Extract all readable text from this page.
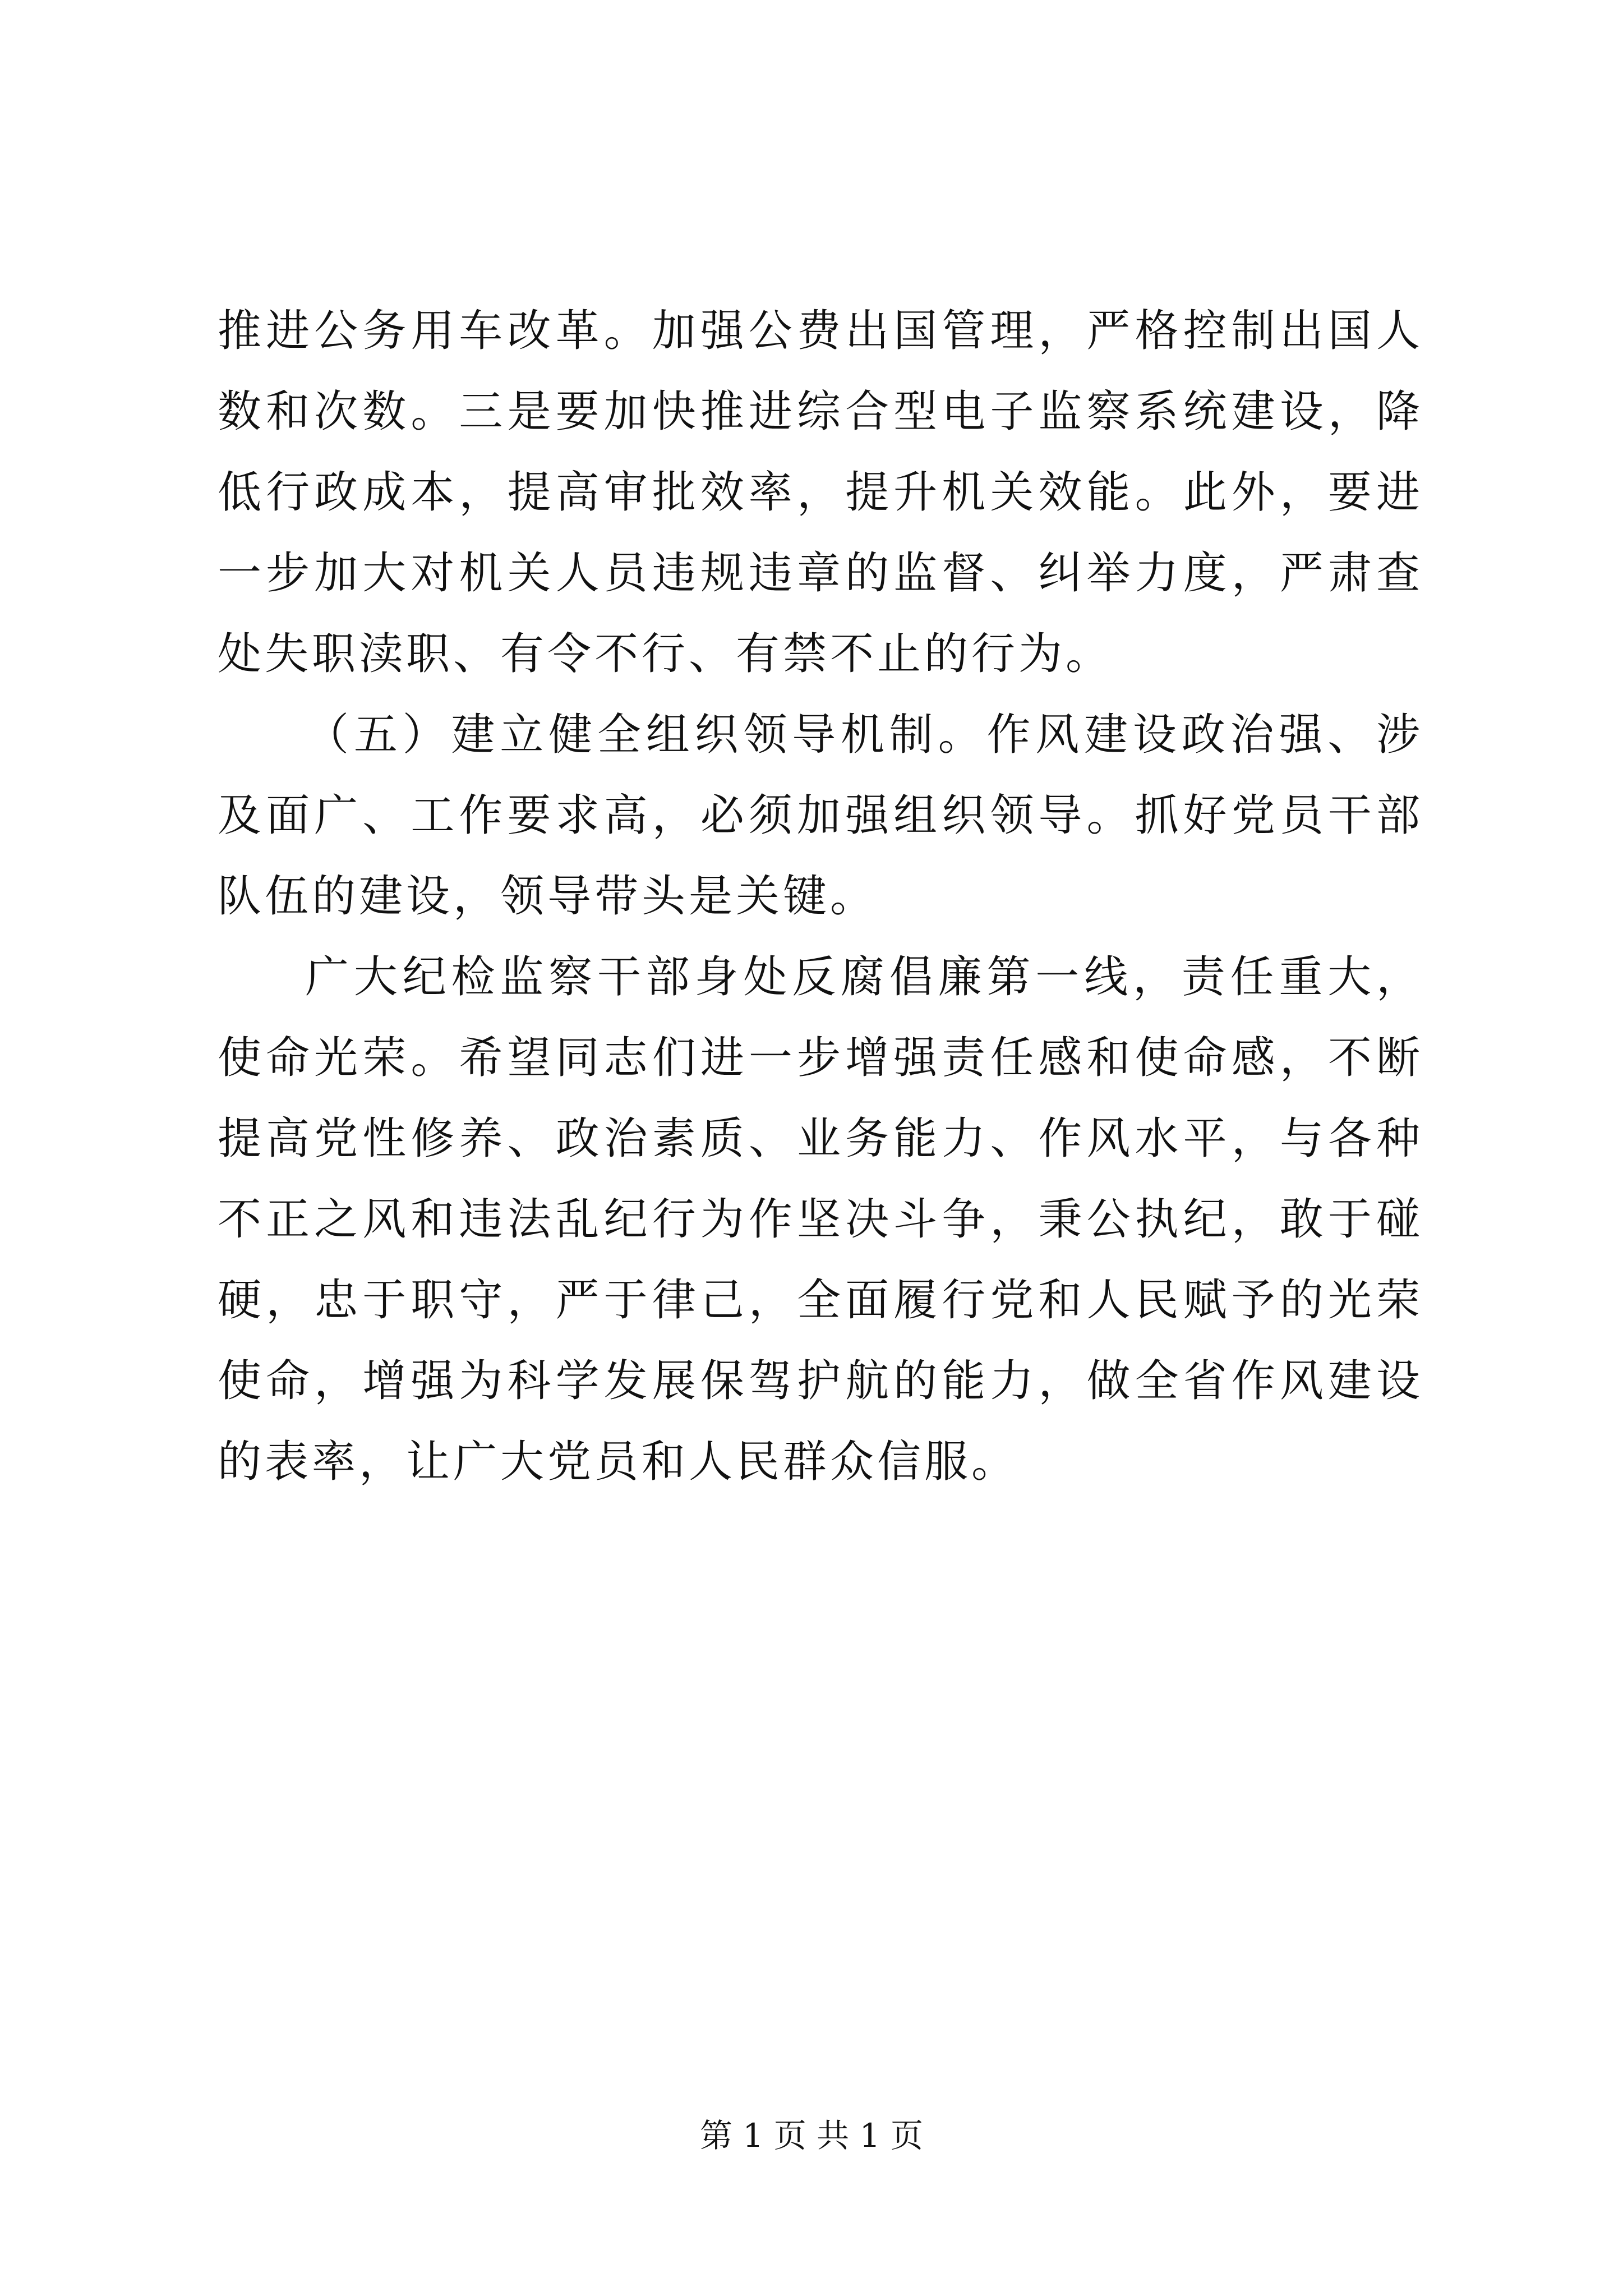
推进公务用车改革。加强公费出国管理，严格控制出国人数和次数。三是要加快推进综合型电子监察系统建设，降低行政成本，提高审批效率，提升机关效能。此外，要进一步加大对机关人员违规违章的监督、纠举力度，严肃查处失职渎职、有令不行、有禁不止的行为。

（五）建立健全组织领导机制。作风建设政治强、涉及面广、工作要求高，必须加强组织领导。抓好党员干部队伍的建设，领导带头是关键。

广大纪检监察干部身处反腐倡廉第一线，责任重大，使命光荣。希望同志们进一步增强责任感和使命感，不断提高党性修养、政治素质、业务能力、作风水平，与各种不正之风和违法乱纪行为作坚决斗争，秉公执纪，敢于碰硬，忠于职守，严于律己，全面履行党和人民赋予的光荣使命，增强为科学发展保驾护航的能力，做全省作风建设的表率，让广大党员和人民群众信服。

第 1 页 共 1 页
